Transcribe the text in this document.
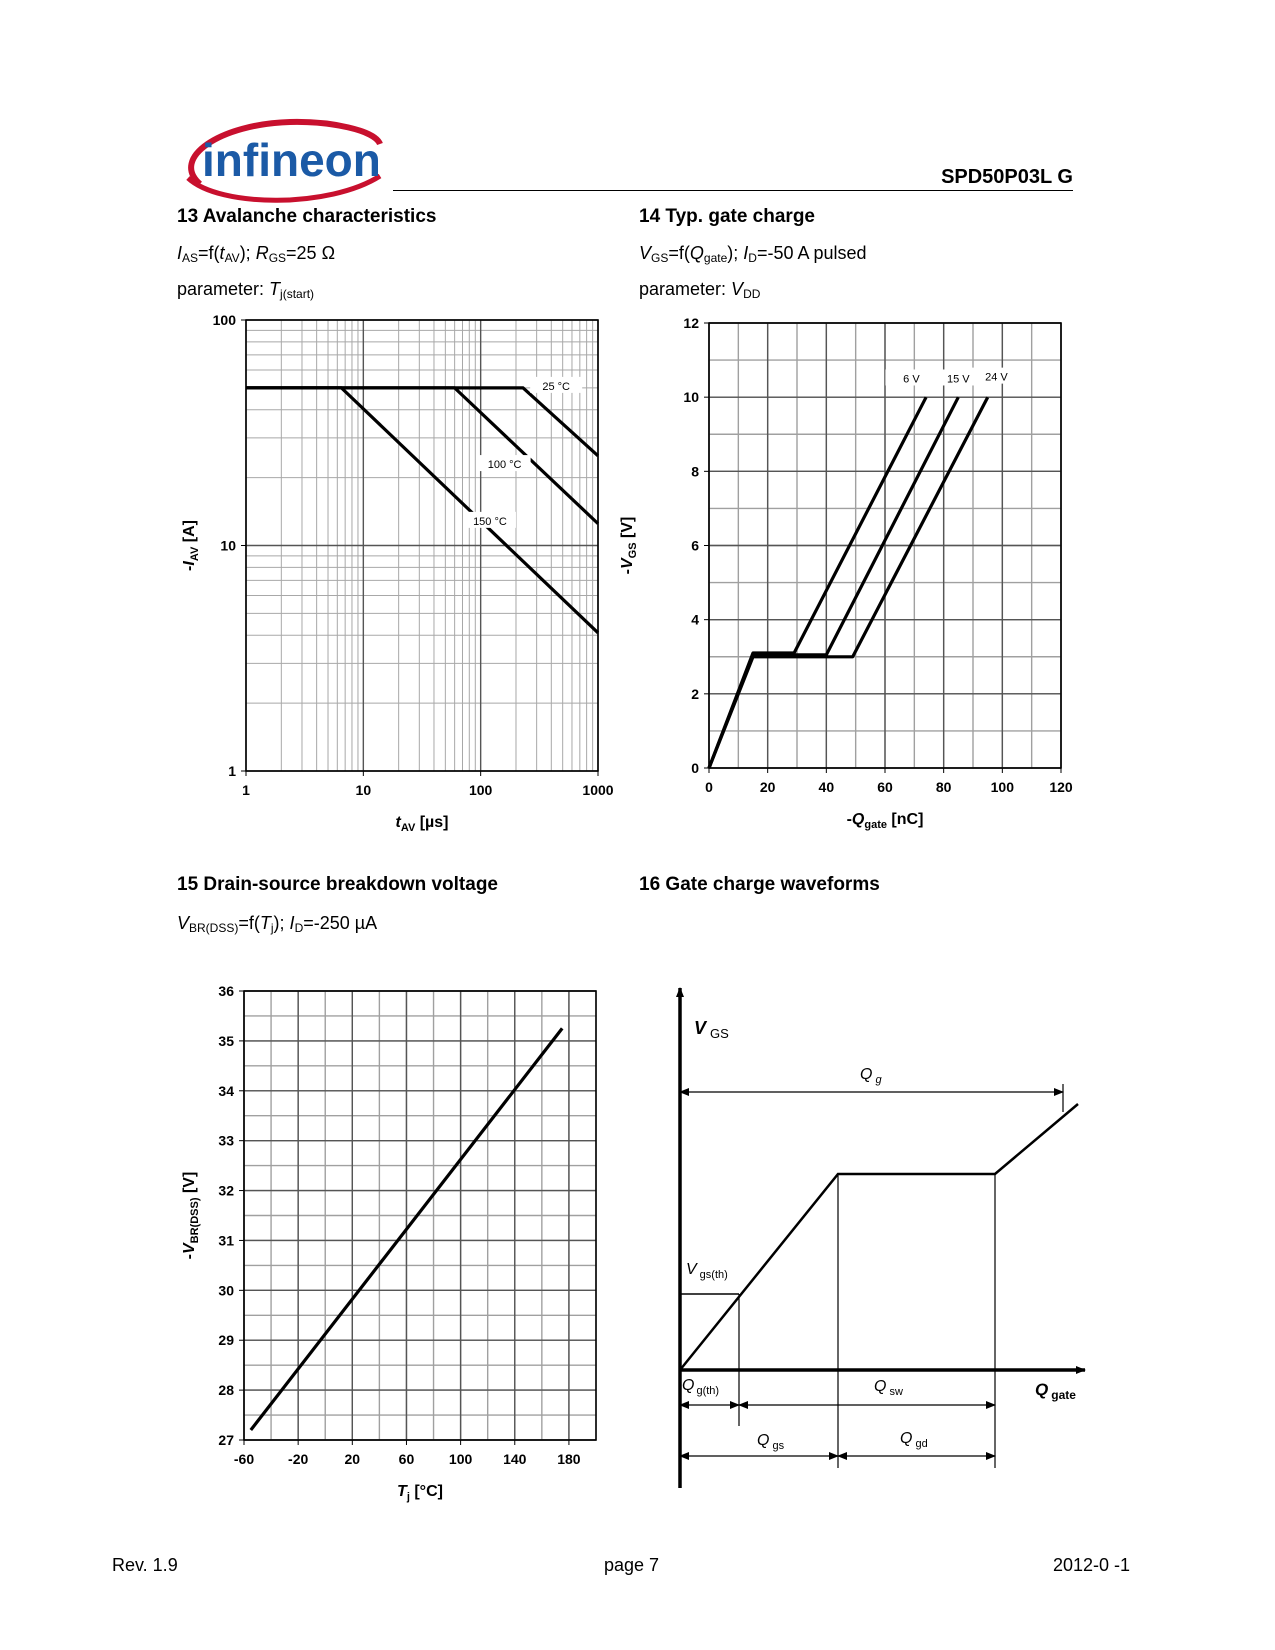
infineon	SPD50P03L G
13 Avalanche characteristics
$I_{AS}=f(t_{AV})$; $R_{GS}=25$ Ω
parameter: $T_{j(start)}$
14 Typ. gate charge
$V_{GS}=f(Q_{gate})$; $I_D=-50$ A pulsed
parameter: $V_{DD}$
15 Drain-source breakdown voltage
$V_{BR(DSS)}=f(T_j)$; $I_D=-250$ µA
16 Gate charge waveforms
1	10	100	1000
1
10
100
$t_{AV}$ [µs]
$-I_{AV}$ [A]
25 °C
100 °C
150 °C
0	20	40	60	80	100	120
0
2
4
6
8
10
12
$-Q_{gate}$ [nC]
$-V_{GS}$ [V]
6 V 15 V 24 V
-60 -20	20	60 100 140 180
27
28
29
30
31
32
33
34
35
36
$T_j$ [°C]
$-V_{BR(DSS)}$ [V]
V $_{GS}$
Q $_{gate}$
Q $_g$
V $_{gs(th)}$
Q $_{g(th)}$	Q $_{sw}$
Q $_{gs}$	Q $_{gd}$
Rev. 1.9	page 7	2012-0 -1
